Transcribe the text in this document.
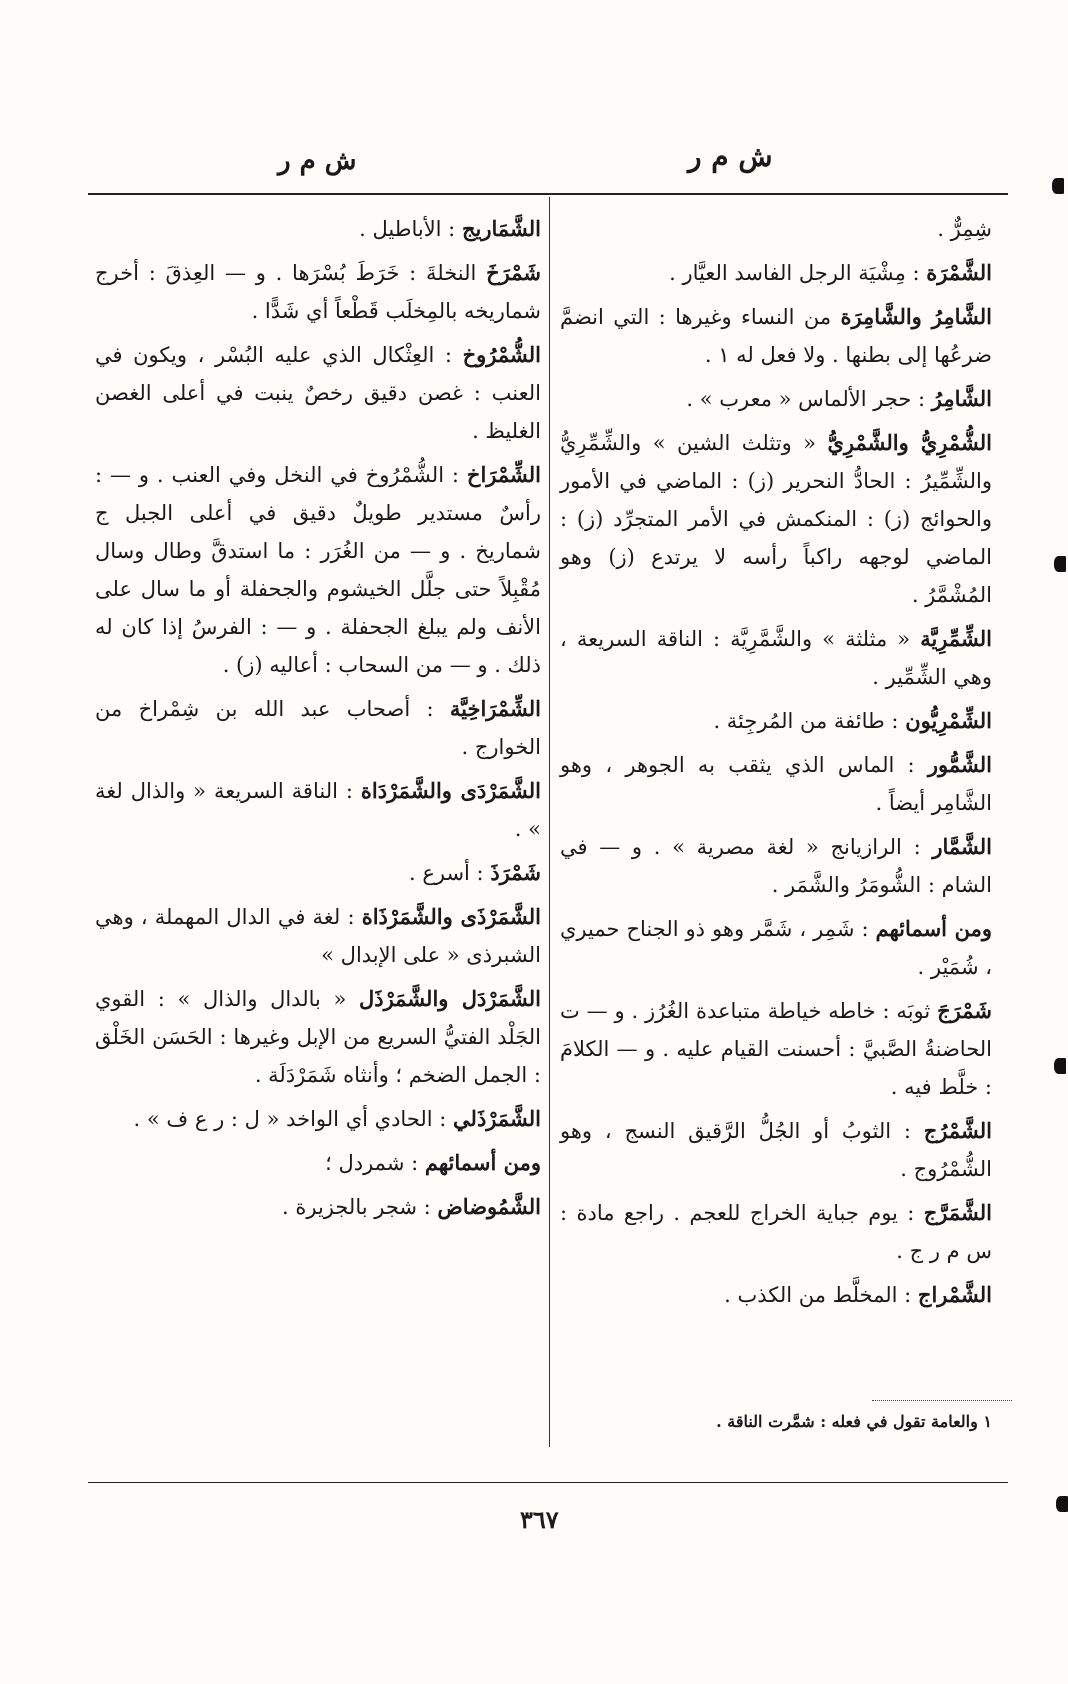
ش م ر
ش م ر
شِمِرٌّ .
الشَّمْرَة : مِشْيَة الرجل الفاسد العيَّار .
الشَّامِرُ والشَّامِرَة من النساء وغيرها : التي انضمَّ ضرعُها إلى بطنها . ولا فعل له ١ .
الشَّامِرُ : حجر الألماس « معرب » .
الشُّمْرِيُّ والشَّمْرِيُّ « وتثلث الشين » والشِّمِّرِيُّ والشِّمِّيرُ : الحادُّ النحرير (ز) : الماضي في الأمور والحوائج (ز) : المنكمش في الأمر المتجرِّد (ز) : الماضي لوجهه راكباً رأسه لا يرتدع (ز) وهو المُشْمَّرُ .
الشِّمِّرِيَّة « مثلثة » والشَّمَّرِيَّة : الناقة السريعة ، وهي الشِّمِّير .
الشِّمْرِيُّون : طائفة من المُرجِئة .
الشَّمُّور : الماس الذي يثقب به الجوهر ، وهو الشَّامِر أيضاً .
الشَّمَّار : الرازيانج « لغة مصرية » . و — في الشام : الشُّومَرُ والشَّمَر .
ومن أسمائهم : شَمِر ، شَمَّر وهو ذو الجناح حميري ، شُمَيْر .
شَمْرَجَ ثوبَه : خاطه خياطة متباعدة الغُرُز . و — ت الحاضنةُ الصَّبيَّ : أحسنت القيام عليه . و — الكلامَ : خلَّط فيه .
الشَّمْرُج : الثوبُ أو الجُلُّ الرَّقيق النسج ، وهو الشُّمْرُوج .
الشَّمَرَّج : يوم جباية الخراج للعجم . راجع مادة : س م ر ج .
الشَّمْراج : المخلَّط من الكذب .
الشَّمَاريج : الأباطيل .
شَمْرَخَ النخلةَ : خَرَطَ بُسْرَها . و — العِذقَ : أخرج شماريخه بالمِخلَب قَطْعاً أي شَدًّا .
الشُّمْرُوخ : العِثْكال الذي عليه البُسْر ، ويكون في العنب : غصن دقيق رخصٌ ينبت في أعلى الغصن الغليظ .
الشِّمْرَاخ : الشُّمْرُوخ في النخل وفي العنب . و — : رأسٌ مستدير طويلٌ دقيق في أعلى الجبل ج شماريخ . و — من الغُرَر : ما استدقَّ وطال وسال مُقْبِلاً حتى جلَّل الخيشوم والجحفلة أو ما سال على الأنف ولم يبلغ الجحفلة . و — : الفرسُ إذا كان له ذلك . و — من السحاب : أعاليه (ز) .
الشِّمْرَاخِيَّة : أصحاب عبد الله بن شِمْراخ من الخوارج .
الشَّمَرْدَى والشَّمَرْدَاة : الناقة السريعة « والذال لغة » .
شَمْرَذَ : أسرع .
الشَّمَرْذَى والشَّمَرْذَاة : لغة في الدال المهملة ، وهي الشبرذى « على الإبدال »
الشَّمَرْدَل والشَّمَرْذَل « بالدال والذال » : القوي الجَلْد الفتيُّ السريع من الإبل وغيرها : الحَسَن الخَلْق : الجمل الضخم ؛ وأنثاه شَمَرْدَلَة .
الشَّمَرْذَلي : الحادي أي الواخد « ل : ر ع ف » .
ومن أسمائهم : شمردل ؛
الشَّمُوضاض : شجر بالجزيرة .
١ والعامة تقول في فعله : شمَّرت الناقة .
٣٦٧
